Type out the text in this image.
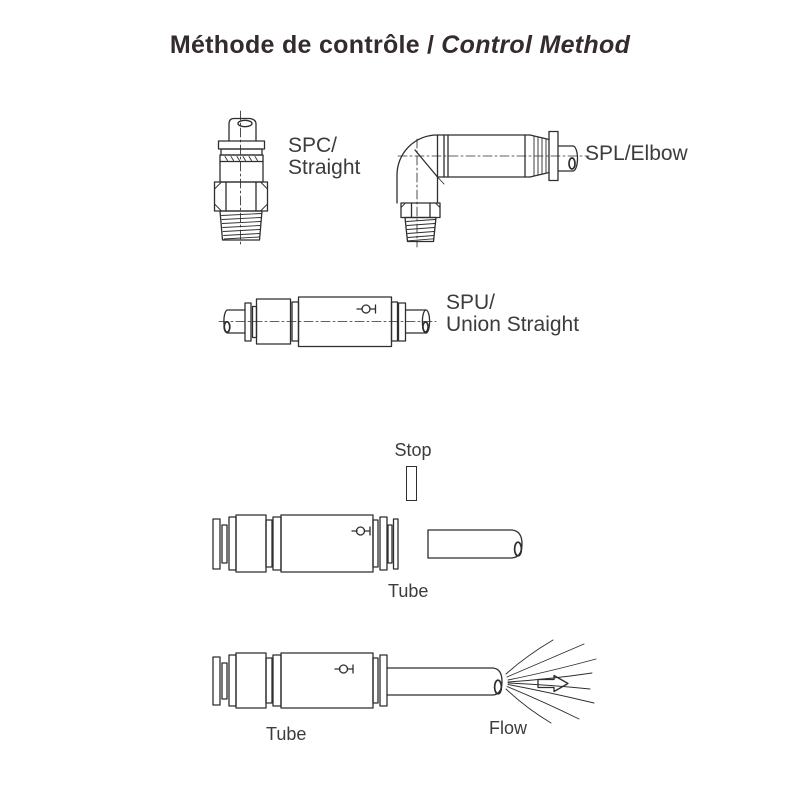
Méthode de contrôle / Control Method
SPC/
Straight
SPL/Elbow
SPU/
Union Straight
Stop
Tube
Tube	Flow
